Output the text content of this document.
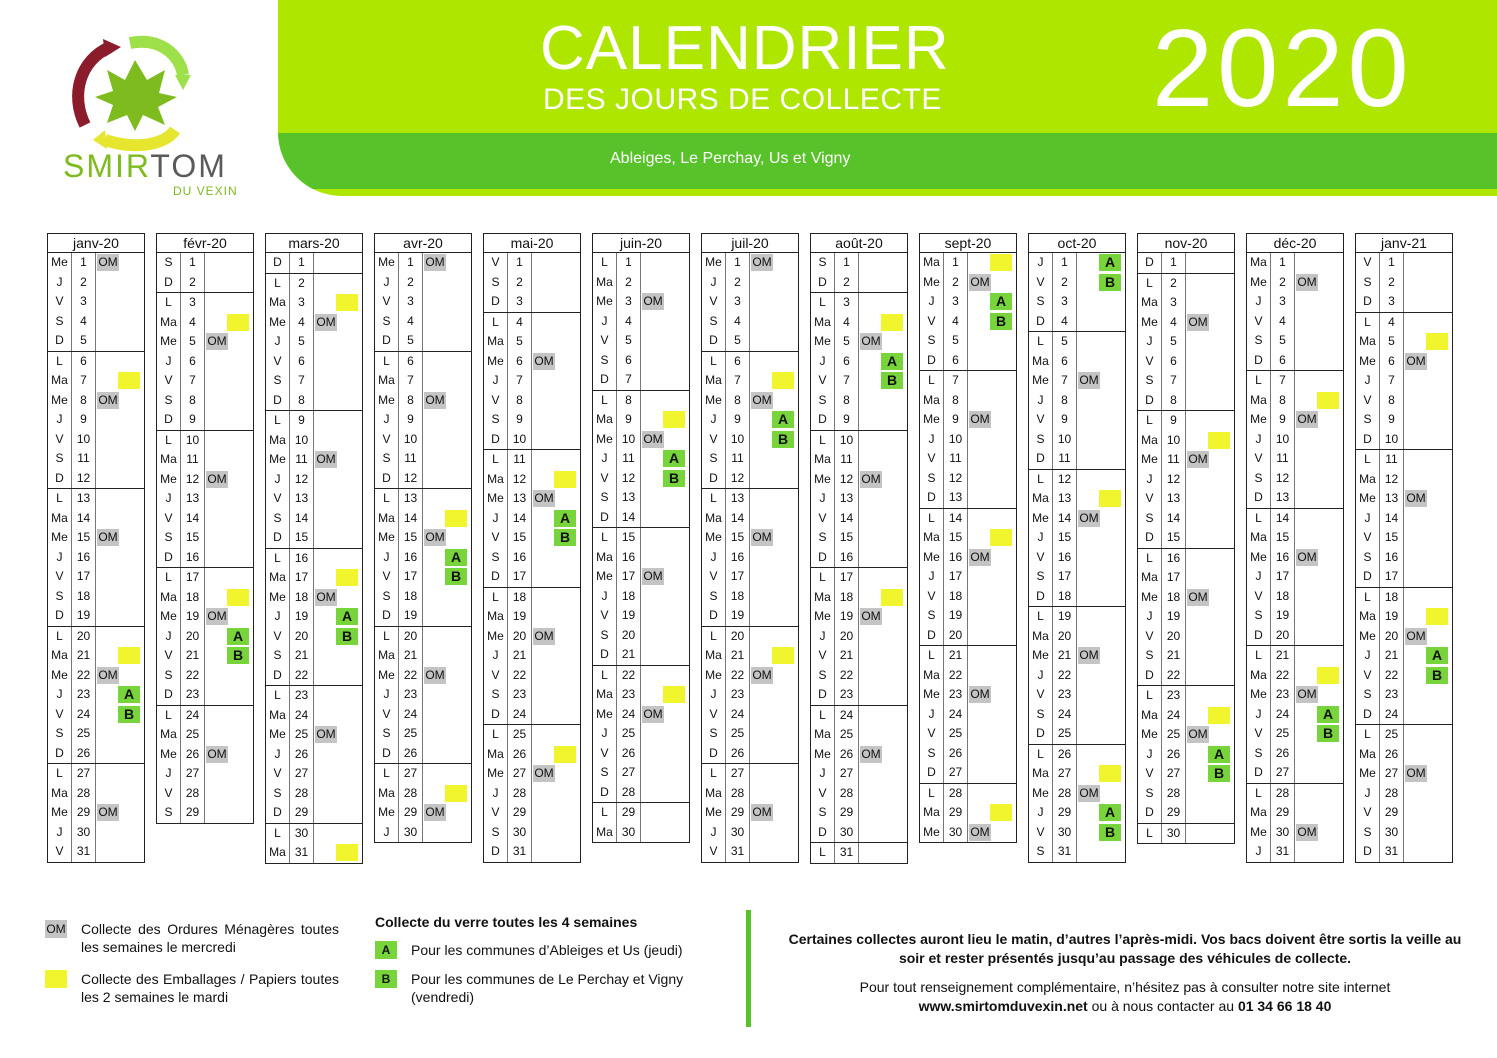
CALENDRIER
DES JOURS DE COLLECTE 2020
Ableiges, Le Perchay, Us et Vigny
SMIRTOM
DU VEXIN
janv-20
Me	1 OM
J	2
V	3
S	4
D	5
L	6
Ma	7
Me	8 OM
J	9
V	10
S	11
D	12
L	13
Ma 14
Me 15 OM
J	16
V	17
S	18
D	19
L	20
Ma 21
Me 22 OM
J	23	A
V	24	B
S	25
D	26
L	27
Ma 28
Me 29 OM
J	30
V	31
févr-20
S	1
D	2
L	3
Ma	4
Me	5 OM
J	6
V	7
S	8
D	9
L	10
Ma 11
Me 12 OM
J	13
V	14
S	15
D	16
L	17
Ma 18
Me 19 OM
J	20	A
V	21	B
S	22
D	23
L	24
Ma 25
Me 26 OM
J	27
V	28
S	29
mars-20
D	1
L	2
Ma	3
Me	4 OM
J	5
V	6
S	7
D	8
L	9
Ma 10
Me 11 OM
J	12
V	13
S	14
D	15
L	16
Ma 17
Me 18 OM
J	19	A
V	20	B
S	21
D	22
L	23
Ma 24
Me 25 OM
J	26
V	27
S	28
D	29
L	30
Ma 31
avr-20
Me	1 OM
J	2
V	3
S	4
D	5
L	6
Ma	7
Me	8 OM
J	9
V	10
S	11
D	12
L	13
Ma 14
Me 15 OM
J	16	A
V	17	B
S	18
D	19
L	20
Ma 21
Me 22 OM
J	23
V	24
S	25
D	26
L	27
Ma 28
Me 29 OM
J	30
mai-20
V	1
S	2
D	3
L	4
Ma	5
Me	6 OM
J	7
V	8
S	9
D	10
L	11
Ma 12
Me 13 OM
J	14	A
V	15	B
S	16
D	17
L	18
Ma 19
Me 20 OM
J	21
V	22
S	23
D	24
L	25
Ma 26
Me 27 OM
J	28
V	29
S	30
D	31
juin-20
L	1
Ma	2
Me	3 OM
J	4
V	5
S	6
D	7
L	8
Ma	9
Me 10 OM
J	11	A
V	12	B
S	13
D	14
L	15
Ma 16
Me 17 OM
J	18
V	19
S	20
D	21
L	22
Ma 23
Me 24 OM
J	25
V	26
S	27
D	28
L	29
Ma 30
juil-20
Me	1 OM
J	2
V	3
S	4
D	5
L	6
Ma	7
Me	8 OM
J	9	A
V	10	B
S	11
D	12
L	13
Ma 14
Me 15 OM
J	16
V	17
S	18
D	19
L	20
Ma 21
Me 22 OM
J	23
V	24
S	25
D	26
L	27
Ma 28
Me 29 OM
J	30
V	31
août-20
S	1
D	2
L	3
Ma	4
Me	5 OM
J	6	A
V	7	B
S	8
D	9
L	10
Ma 11
Me 12 OM
J	13
V	14
S	15
D	16
L	17
Ma 18
Me 19 OM
J	20
V	21
S	22
D	23
L	24
Ma 25
Me 26 OM
J	27
V	28
S	29
D	30
L	31
sept-20
Ma	1
Me	2 OM
J	3	A
V	4	B
S	5
D	6
L	7
Ma	8
Me	9 OM
J	10
V	11
S	12
D	13
L	14
Ma 15
Me 16 OM
J	17
V	18
S	19
D	20
L	21
Ma 22
Me 23 OM
J	24
V	25
S	26
D	27
L	28
Ma 29
Me 30 OM
oct-20
J	1	A
V	2	B
S	3
D	4
L	5
Ma	6
Me	7 OM
J	8
V	9
S	10
D	11
L	12
Ma 13
Me 14 OM
J	15
V	16
S	17
D	18
L	19
Ma 20
Me 21 OM
J	22
V	23
S	24
D	25
L	26
Ma 27
Me 28 OM
J	29	A
V	30	B
S	31
nov-20
D	1
L	2
Ma	3
Me	4 OM
J	5
V	6
S	7
D	8
L	9
Ma 10
Me 11 OM
J	12
V	13
S	14
D	15
L	16
Ma 17
Me 18 OM
J	19
V	20
S	21
D	22
L	23
Ma 24
Me 25 OM
J	26	A
V	27	B
S	28
D	29
L	30
déc-20
Ma	1
Me	2 OM
J	3
V	4
S	5
D	6
L	7
Ma	8
Me	9 OM
J	10
V	11
S	12
D	13
L	14
Ma 15
Me 16 OM
J	17
V	18
S	19
D	20
L	21
Ma 22
Me 23 OM
J	24	A
V	25	B
S	26
D	27
L	28
Ma 29
Me 30 OM
J	31
janv-21
V	1
S	2
D	3
L	4
Ma	5
Me	6 OM
J	7
V	8
S	9
D	10
L	11
Ma 12
Me 13 OM
J	14
V	15
S	16
D	17
L	18
Ma 19
Me 20 OM
J	21	A
V	22	B
S	23
D	24
L	25
Ma 26
Me 27 OM
J	28
V	29
S	30
D	31
OM Collecte des Ordures Ménagères toutes les semaines le mercredi
Collecte des Emballages / Papiers toutes les 2 semaines le mardi
Collecte du verre toutes les 4 semaines
A	Pour les communes d’Ableiges et Us (jeudi)
B	Pour les communes de Le Perchay et Vigny (vendredi)
Certaines collectes auront lieu le matin, d’autres l’après-midi. Vos bacs doivent être sortis la veille au soir et rester présentés jusqu’au passage des véhicules de collecte.
Pour tout renseignement complémentaire, n’hésitez pas à consulter notre site internet
www.smirtomduvexin.net ou à nous contacter au 01 34 66 18 40
